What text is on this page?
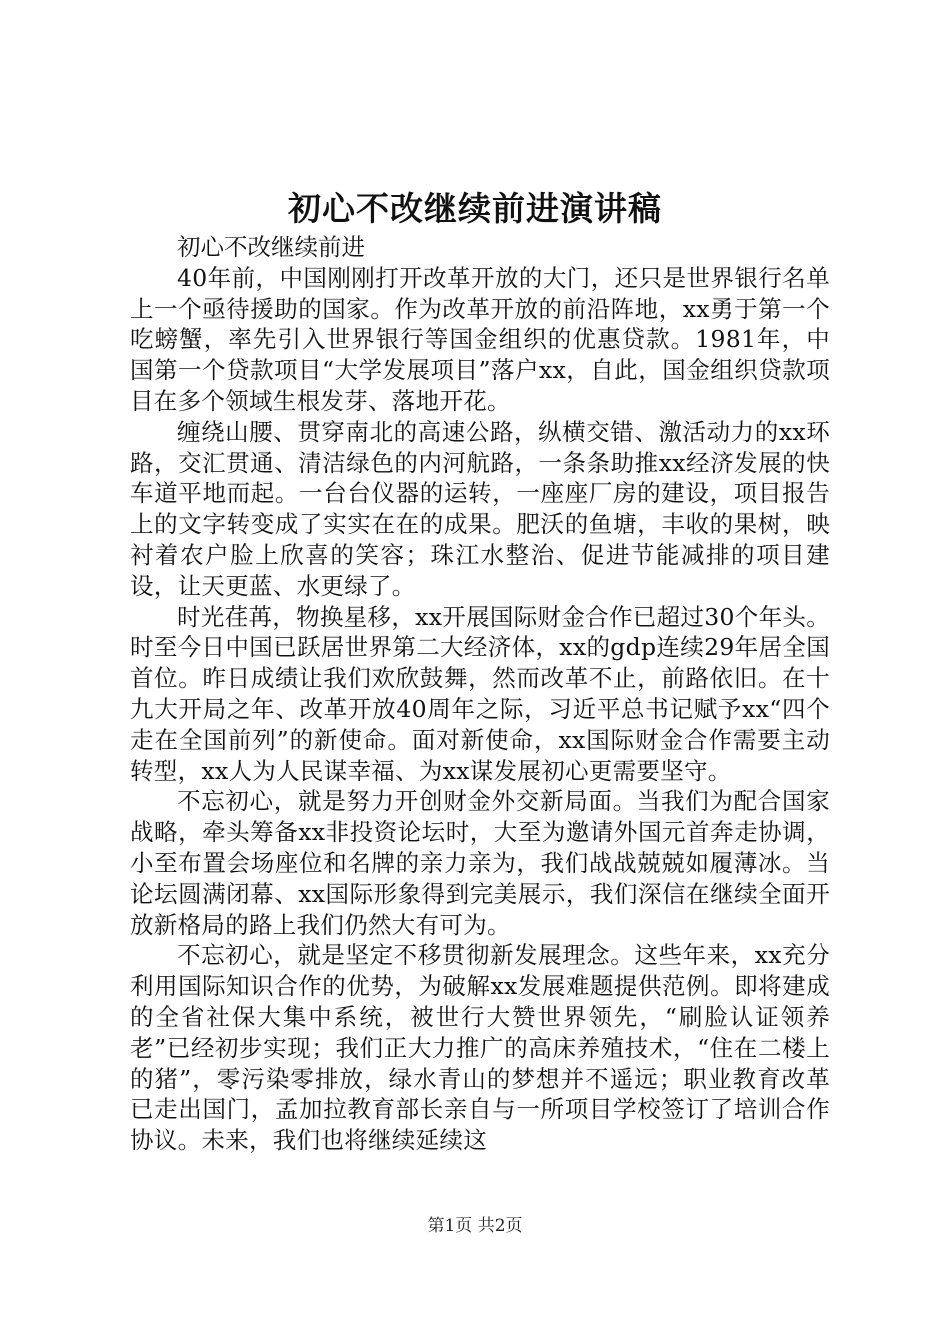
初心不改继续前进演讲稿

初心不改继续前进

40年前，中国刚刚打开改革开放的大门，还只是世界银行名单上一个亟待援助的国家。作为改革开放的前沿阵地，xx勇于第一个吃螃蟹，率先引入世界银行等国金组织的优惠贷款。1981年，中国第一个贷款项目“大学发展项目”落户xx，自此，国金组织贷款项目在多个领域生根发芽、落地开花。

缠绕山腰、贯穿南北的高速公路，纵横交错、激活动力的xx环路，交汇贯通、清洁绿色的内河航路，一条条助推xx经济发展的快车道平地而起。一台台仪器的运转，一座座厂房的建设，项目报告上的文字转变成了实实在在的成果。肥沃的鱼塘，丰收的果树，映衬着农户脸上欣喜的笑容；珠江水整治、促进节能减排的项目建设，让天更蓝、水更绿了。

时光荏苒，物换星移，xx开展国际财金合作已超过30个年头。时至今日中国已跃居世界第二大经济体，xx的gdp连续29年居全国首位。昨日成绩让我们欢欣鼓舞，然而改革不止，前路依旧。在十九大开局之年、改革开放40周年之际，习近平总书记赋予xx“四个走在全国前列”的新使命。面对新使命，xx国际财金合作需要主动转型，xx人为人民谋幸福、为xx谋发展初心更需要坚守。

不忘初心，就是努力开创财金外交新局面。当我们为配合国家战略，牵头筹备xx非投资论坛时，大至为邀请外国元首奔走协调，小至布置会场座位和名牌的亲力亲为，我们战战兢兢如履薄冰。当论坛圆满闭幕、xx国际形象得到完美展示，我们深信在继续全面开放新格局的路上我们仍然大有可为。

不忘初心，就是坚定不移贯彻新发展理念。这些年来，xx充分利用国际知识合作的优势，为破解xx发展难题提供范例。即将建成的全省社保大集中系统，被世行大赞世界领先，“刷脸认证领养老”已经初步实现；我们正大力推广的高床养殖技术，“住在二楼上的猪”，零污染零排放，绿水青山的梦想并不遥远；职业教育改革已走出国门，孟加拉教育部长亲自与一所项目学校签订了培训合作协议。未来，我们也将继续延续这

第1页 共2页
